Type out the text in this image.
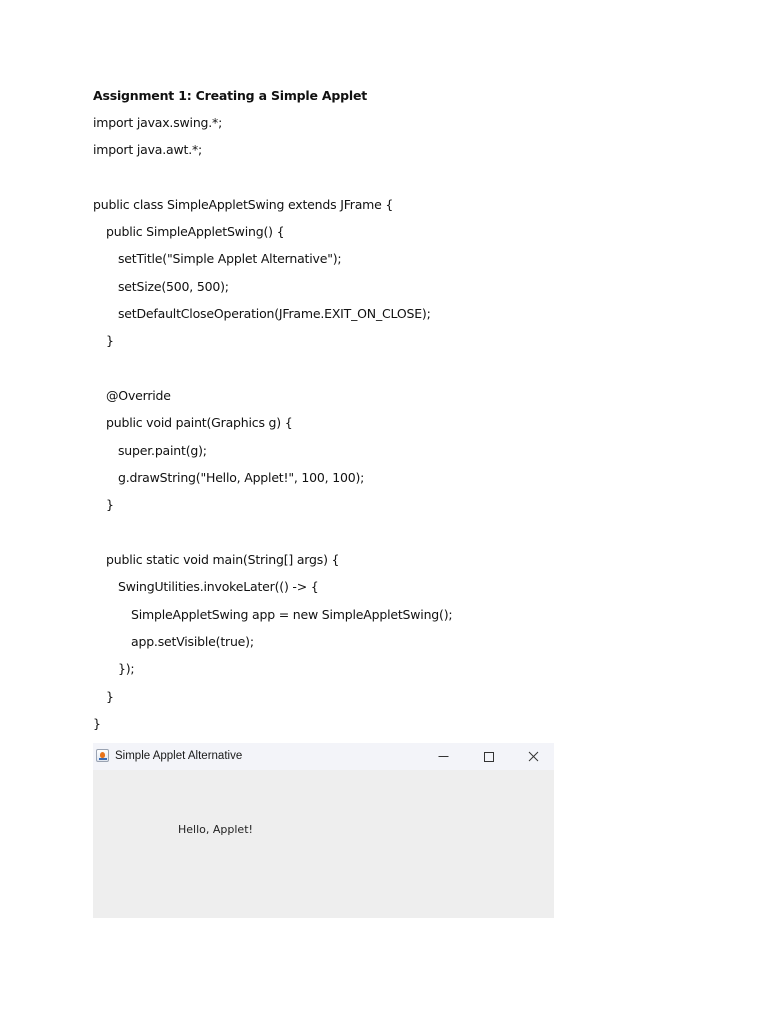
Assignment 1: Creating a Simple Applet
import javax.swing.*;
import java.awt.*;
public class SimpleAppletSwing extends JFrame {
public SimpleAppletSwing() {
setTitle("Simple Applet Alternative");
setSize(500, 500);
setDefaultCloseOperation(JFrame.EXIT_ON_CLOSE);
}
@Override
public void paint(Graphics g) {
super.paint(g);
g.drawString("Hello, Applet!", 100, 100);
}
public static void main(String[] args) {
SwingUtilities.invokeLater(() -> {
SimpleAppletSwing app = new SimpleAppletSwing();
app.setVisible(true);
});
}
}
Simple Applet Alternative
Hello, Applet!
